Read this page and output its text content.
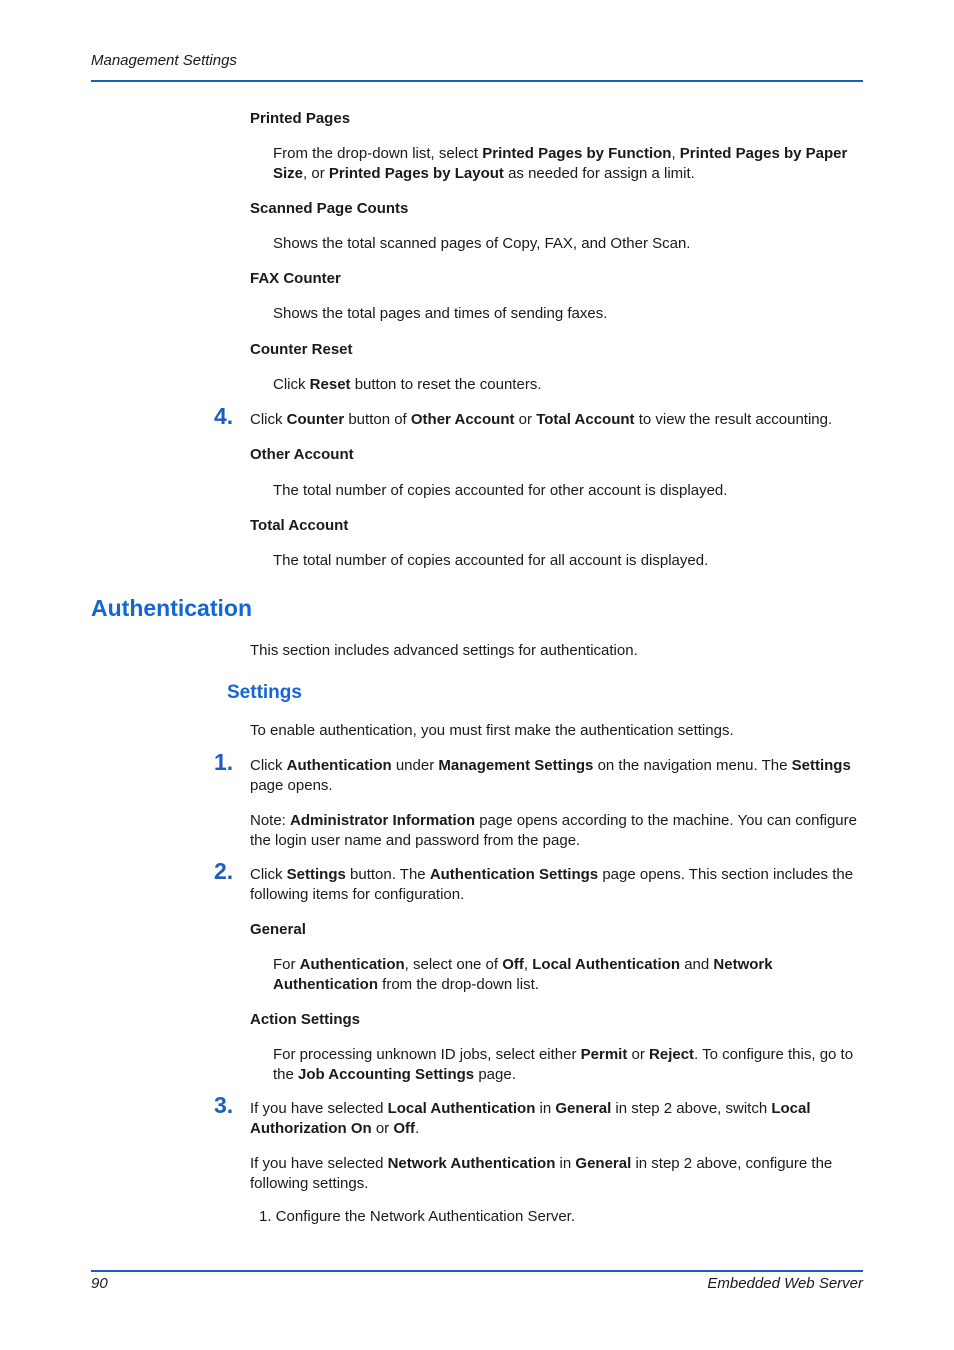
Management Settings
Printed Pages
From the drop-down list, select Printed Pages by Function, Printed Pages by Paper Size, or Printed Pages by Layout as needed for assign a limit.
Scanned Page Counts
Shows the total scanned pages of Copy, FAX, and Other Scan.
FAX Counter
Shows the total pages and times of sending faxes.
Counter Reset
Click Reset button to reset the counters.
4. Click Counter button of Other Account or Total Account to view the result accounting.
Other Account
The total number of copies accounted for other account is displayed.
Total Account
The total number of copies accounted for all account is displayed.
Authentication
This section includes advanced settings for authentication.
Settings
To enable authentication, you must first make the authentication settings.
1. Click Authentication under Management Settings on the navigation menu. The Settings page opens.
Note: Administrator Information page opens according to the machine. You can configure the login user name and password from the page.
2. Click Settings button. The Authentication Settings page opens. This section includes the following items for configuration.
General
For Authentication, select one of Off, Local Authentication and Network Authentication from the drop-down list.
Action Settings
For processing unknown ID jobs, select either Permit or Reject. To configure this, go to the Job Accounting Settings page.
3. If you have selected Local Authentication in General in step 2 above, switch Local Authorization On or Off.
If you have selected Network Authentication in General in step 2 above, configure the following settings.
1. Configure the Network Authentication Server.
90	Embedded Web Server
